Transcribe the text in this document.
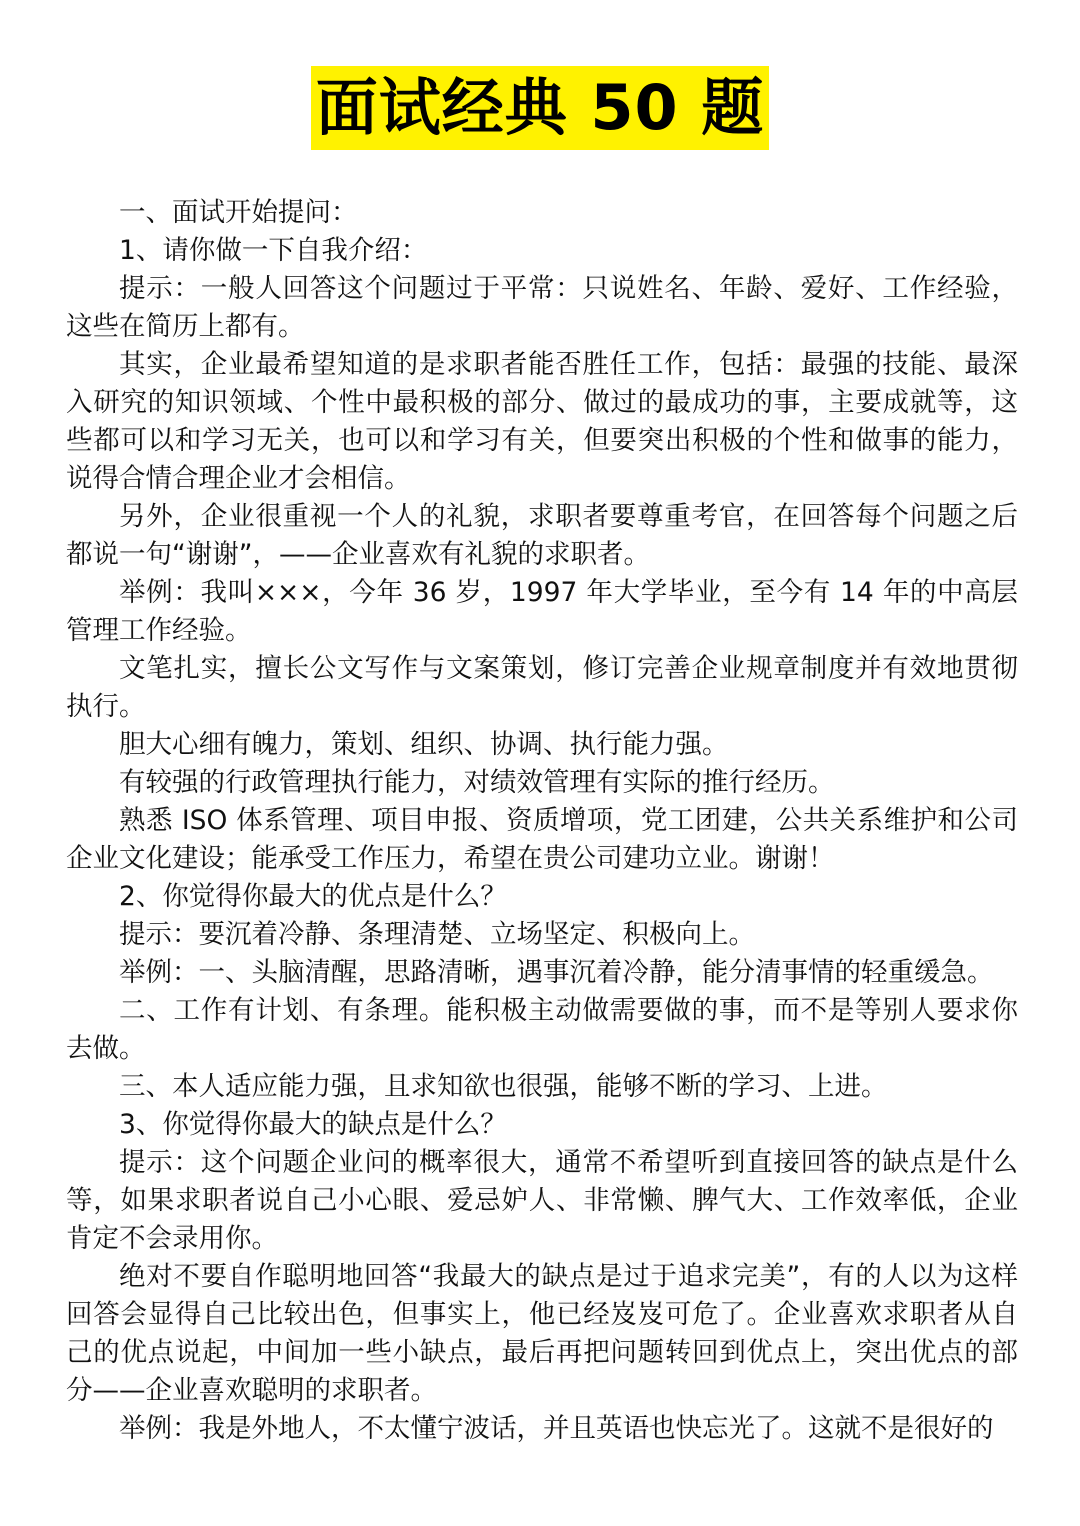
面试经典 50 题

一、面试开始提问：

1、请你做一下自我介绍：

提示：一般人回答这个问题过于平常：只说姓名、年龄、爱好、工作经验，这些在简历上都有。

其实，企业最希望知道的是求职者能否胜任工作，包括：最强的技能、最深入研究的知识领域、个性中最积极的部分、做过的最成功的事，主要成就等，这些都可以和学习无关，也可以和学习有关，但要突出积极的个性和做事的能力，说得合情合理企业才会相信。

另外，企业很重视一个人的礼貌，求职者要尊重考官，在回答每个问题之后都说一句“谢谢”，——企业喜欢有礼貌的求职者。

举例：我叫×××，今年 36 岁，1997 年大学毕业，至今有 14 年的中高层管理工作经验。

文笔扎实，擅长公文写作与文案策划，修订完善企业规章制度并有效地贯彻执行。

胆大心细有魄力，策划、组织、协调、执行能力强。

有较强的行政管理执行能力，对绩效管理有实际的推行经历。

熟悉 ISO 体系管理、项目申报、资质增项，党工团建，公共关系维护和公司企业文化建设；能承受工作压力，希望在贵公司建功立业。谢谢！

2、你觉得你最大的优点是什么？

提示：要沉着冷静、条理清楚、立场坚定、积极向上。

举例：一、头脑清醒，思路清晰，遇事沉着冷静，能分清事情的轻重缓急。

二、工作有计划、有条理。能积极主动做需要做的事，而不是等别人要求你去做。

三、本人适应能力强，且求知欲也很强，能够不断的学习、上进。

3、你觉得你最大的缺点是什么？

提示：这个问题企业问的概率很大，通常不希望听到直接回答的缺点是什么等，如果求职者说自己小心眼、爱忌妒人、非常懒、脾气大、工作效率低，企业肯定不会录用你。

绝对不要自作聪明地回答“我最大的缺点是过于追求完美”，有的人以为这样回答会显得自己比较出色，但事实上，他已经岌岌可危了。企业喜欢求职者从自己的优点说起，中间加一些小缺点，最后再把问题转回到优点上，突出优点的部分——企业喜欢聪明的求职者。

举例：我是外地人，不太懂宁波话，并且英语也快忘光了。这就不是很好的
